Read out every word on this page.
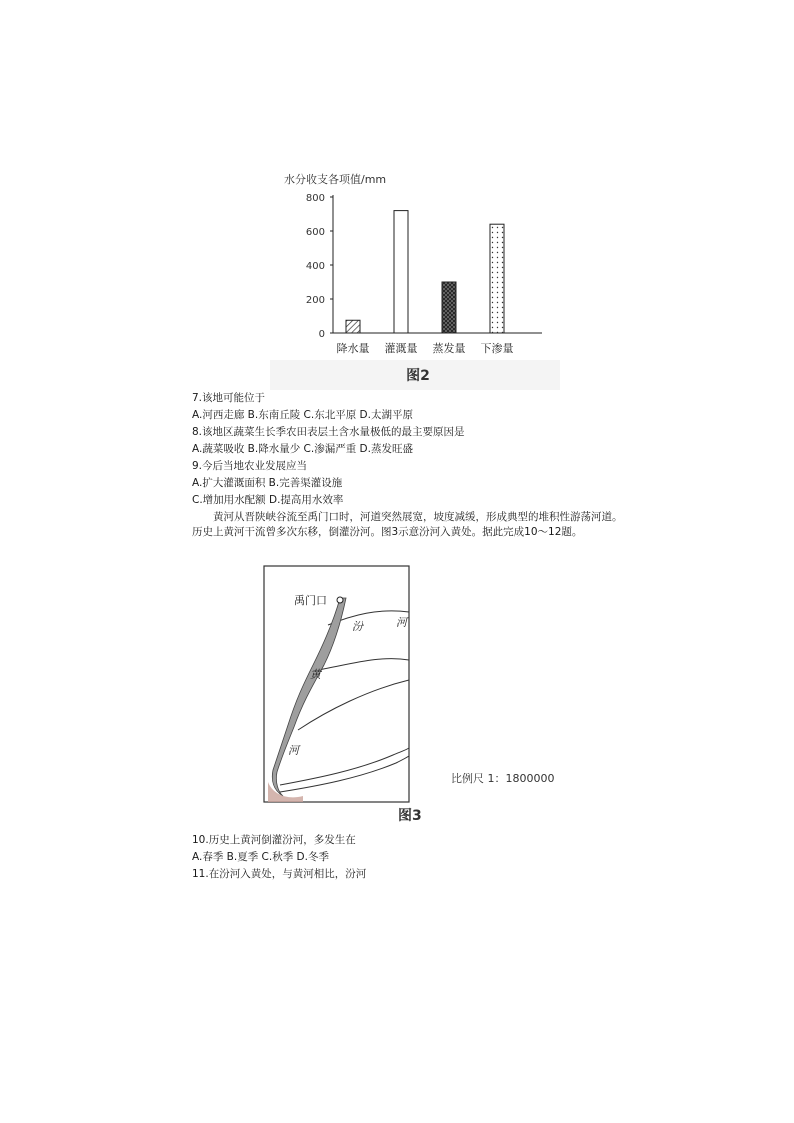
水分收支各项值/mm
0
200
400
600
800
降水量 灌溉量 蒸发量 下渗量
图2
7.该地可能位于
A.河西走廊 B.东南丘陵 C.东北平原 D.太湖平原
8.该地区蔬菜生长季农田表层土含水量极低的最主要原因是
A.蔬菜吸收 B.降水量少 C.渗漏严重 D.蒸发旺盛
9.今后当地农业发展应当
A.扩大灌溉面积 B.完善渠灌设施
C.增加用水配额 D.提高用水效率
黄河从晋陕峡谷流至禹门口时，河道突然展宽，坡度减缓，形成典型的堆积性游荡河道。历史上黄河干流曾多次东移，倒灌汾河。图3示意汾河入黄处。据此完成10～12题。
禹门口
汾	河
黄
河
比例尺 1：1800000
图3
10.历史上黄河倒灌汾河，多发生在
A.春季 B.夏季 C.秋季 D.冬季
11.在汾河入黄处，与黄河相比，汾河
